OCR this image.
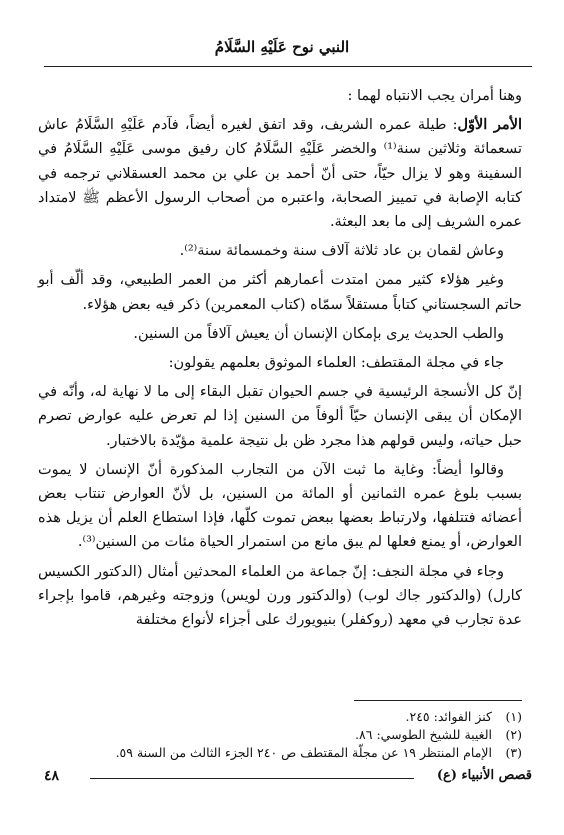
النبي نوح عَلَيْهِ السَّلَامُ

وهنا أمران يجب الانتباه لهما :

الأمر الأوّل: طيلة عمره الشريف، وقد اتفق لغيره أيضاً، فآدم عَلَيْهِ السَّلَامُ عاش تسعمائة وثلاثين سنة⁽¹⁾ والخضر عَلَيْهِ السَّلَامُ كان رفيق موسى عَلَيْهِ السَّلَامُ في السفينة وهو لا يزال حيّاً، حتى أنّ أحمد بن علي بن محمد العسقلاني ترجمه في كتابه الإصابة في تمييز الصحابة، واعتبره من أصحاب الرسول الأعظم ﷺ لامتداد عمره الشريف إلى ما بعد البعثة.

وعاش لقمان بن عاد ثلاثة آلاف سنة وخمسمائة سنة⁽²⁾.

وغير هؤلاء كثير ممن امتدت أعمارهم أكثر من العمر الطبيعي، وقد ألّف أبو حاتم السجستاني كتاباً مستقلاً سمّاه (كتاب المعمرين) ذكر فيه بعض هؤلاء.

والطب الحديث يرى بإمكان الإنسان أن يعيش آلافاً من السنين.

جاء في مجلة المقتطف: العلماء الموثوق بعلمهم يقولون:

إنّ كل الأنسجة الرئيسية في جسم الحيوان تقبل البقاء إلى ما لا نهاية له، وأنّه في الإمكان أن يبقى الإنسان حيّاً ألوفاً من السنين إذا لم تعرض عليه عوارض تصرم حبل حياته، وليس قولهم هذا مجرد ظن بل نتيجة علمية مؤيّدة بالاختبار.

وقالوا أيضاً: وغاية ما ثبت الآن من التجارب المذكورة أنّ الإنسان لا يموت بسبب بلوغ عمره الثمانين أو المائة من السنين، بل لأنّ العوارض تنتاب بعض أعضائه فتتلفها، ولارتباط بعضها ببعض تموت كلّها، فإذا استطاع العلم أن يزيل هذه العوارض، أو يمنع فعلها لم يبق مانع من استمرار الحياة مئات من السنين⁽³⁾.

وجاء في مجلة النجف: إنّ جماعة من العلماء المحدثين أمثال (الدكتور الكسيس كارل) (والدكتور جاك لوب) (والدكتور ورن لويس) وزوجته وغيرهم، قاموا بإجراء عدة تجارب في معهد (روكفلر) بنيويورك على أجزاء لأنواع مختلفة

(١)
كنز الفوائد: ٢٤٥.
(٢)
الغيبة للشيخ الطوسي: ٨٦.
(٣)
الإمام المنتظر ١٩ عن مجلّة المقتطف ص ٢٤٠ الجزء الثالث من السنة ٥٩.
قصص الأنبياء (ع)
٤٨
